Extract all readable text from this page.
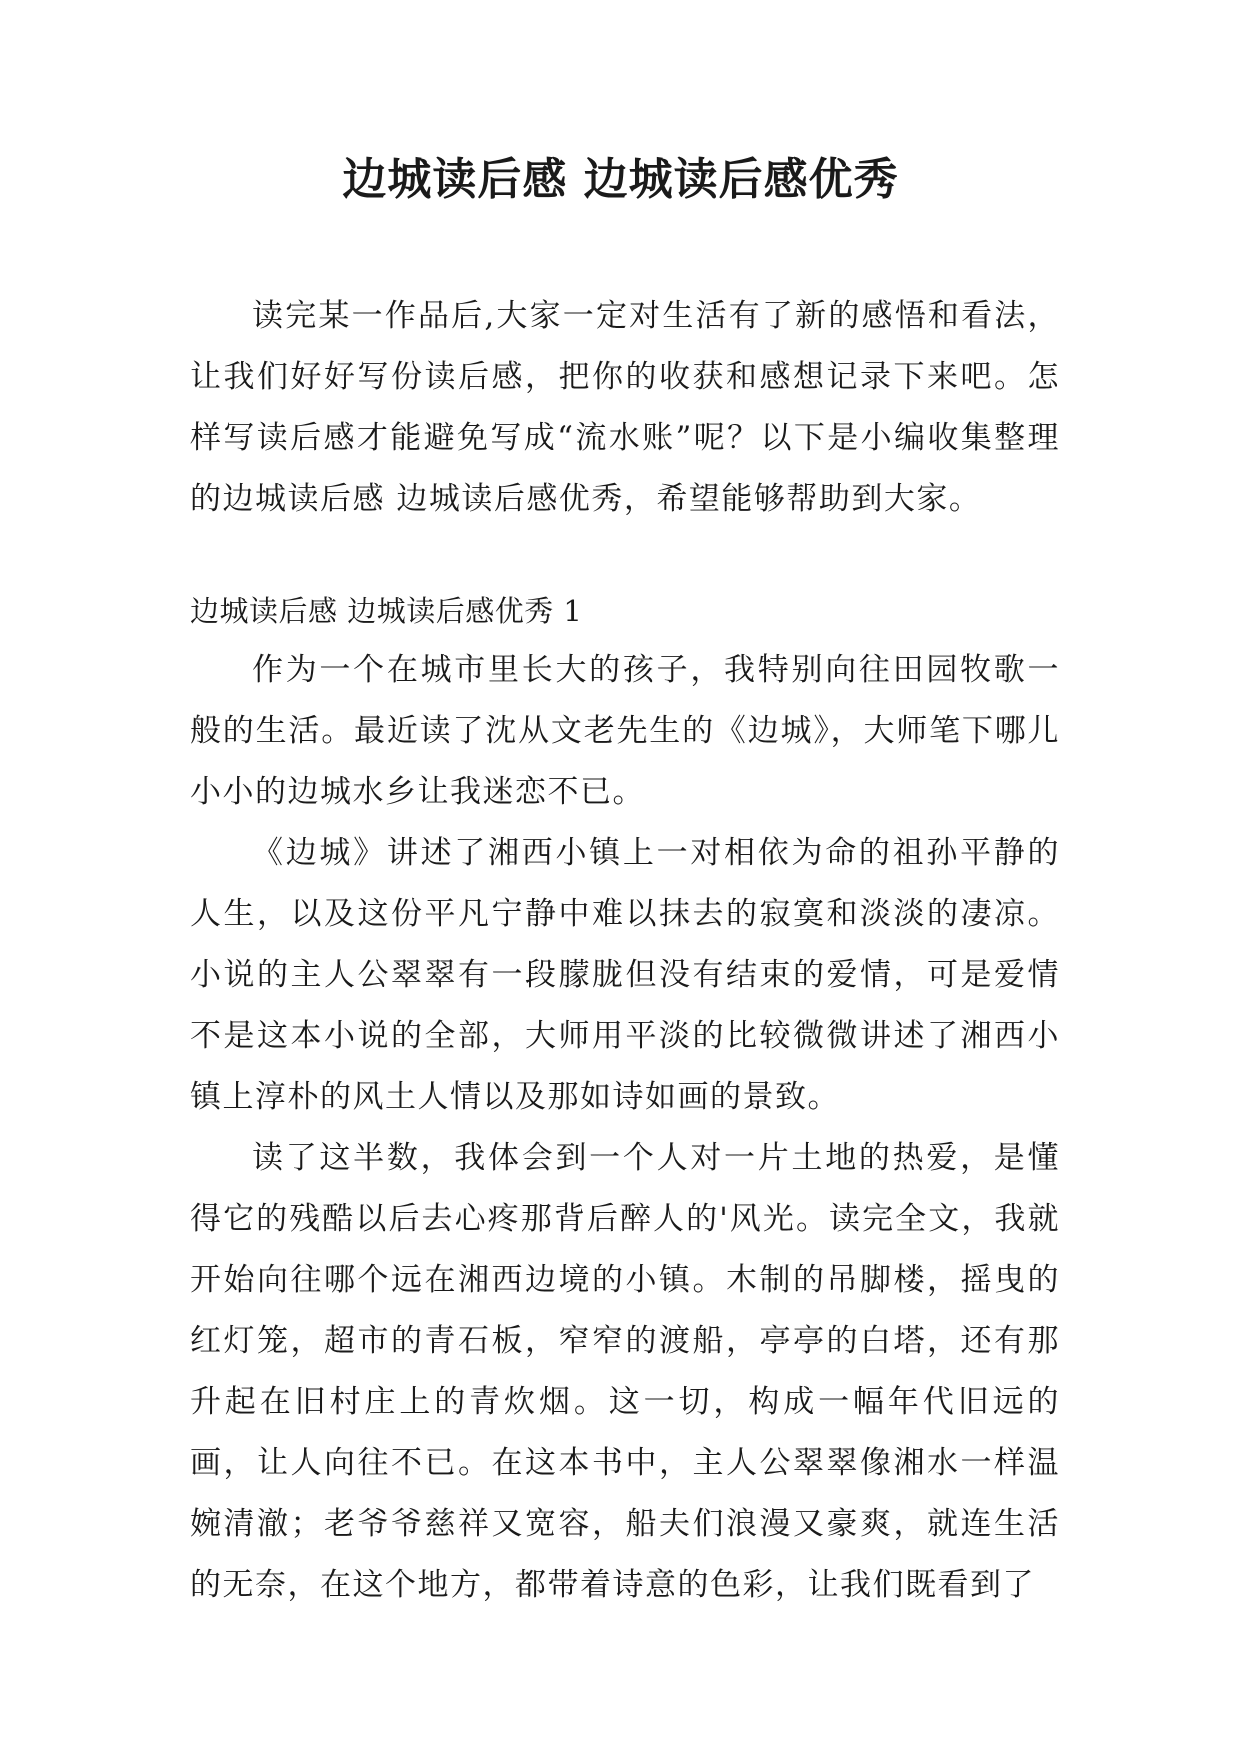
边城读后感 边城读后感优秀

读完某一作品后,大家一定对生活有了新的感悟和看法，让我们好好写份读后感，把你的收获和感想记录下来吧。怎样写读后感才能避免写成“流水账”呢？以下是小编收集整理的边城读后感 边城读后感优秀，希望能够帮助到大家。

边城读后感 边城读后感优秀 1

作为一个在城市里长大的孩子，我特别向往田园牧歌一般的生活。最近读了沈从文老先生的《边城》，大师笔下哪儿小小的边城水乡让我迷恋不已。

《边城》讲述了湘西小镇上一对相依为命的祖孙平静的人生，以及这份平凡宁静中难以抹去的寂寞和淡淡的凄凉。小说的主人公翠翠有一段朦胧但没有结束的爱情，可是爱情不是这本小说的全部，大师用平淡的比较微微讲述了湘西小镇上淳朴的风土人情以及那如诗如画的景致。

读了这半数，我体会到一个人对一片土地的热爱，是懂得它的残酷以后去心疼那背后醉人的'风光。读完全文，我就开始向往哪个远在湘西边境的小镇。木制的吊脚楼，摇曳的红灯笼，超市的青石板，窄窄的渡船，亭亭的白塔，还有那升起在旧村庄上的青炊烟。这一切，构成一幅年代旧远的画，让人向往不已。在这本书中，主人公翠翠像湘水一样温婉清澈；老爷爷慈祥又宽容，船夫们浪漫又豪爽，就连生活的无奈，在这个地方，都带着诗意的色彩，让我们既看到了
